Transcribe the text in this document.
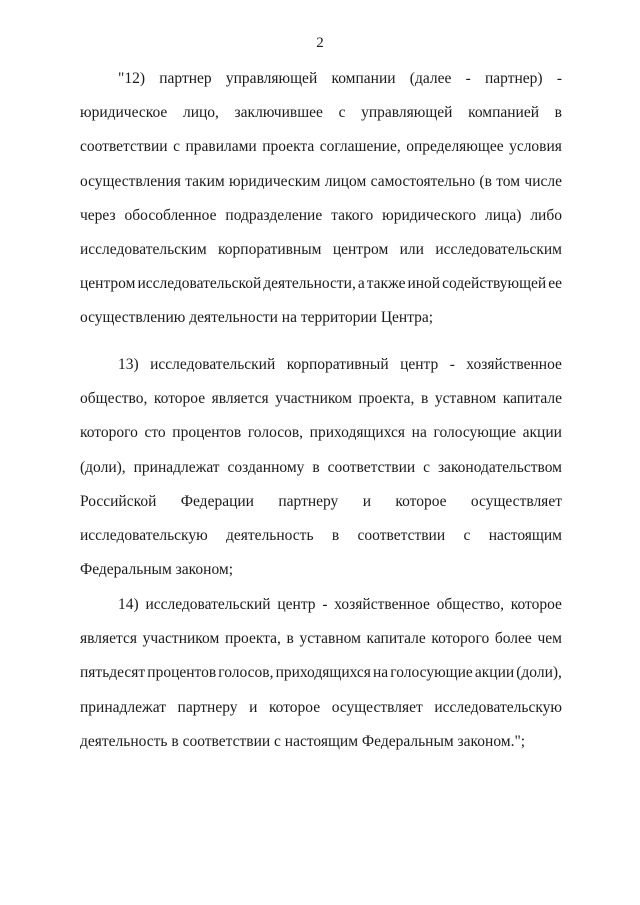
2
"12) партнер управляющей компании (далее - партнер) -
юридическое лицо, заключившее с управляющей компанией в
соответствии с правилами проекта соглашение, определяющее условия
осуществления таким юридическим лицом самостоятельно (в том числе
через обособленное подразделение такого юридического лица) либо
исследовательским корпоративным центром или исследовательским
центром исследовательской деятельности, а также иной содействующей ее
осуществлению деятельности на территории Центра;
13) исследовательский корпоративный центр - хозяйственное
общество, которое является участником проекта, в уставном капитале
которого сто процентов голосов, приходящихся на голосующие акции
(доли), принадлежат созданному в соответствии с законодательством
Российской Федерации партнеру и которое осуществляет
исследовательскую деятельность в соответствии с настоящим
Федеральным законом;
14) исследовательский центр - хозяйственное общество, которое
является участником проекта, в уставном капитале которого более чем
пятьдесят процентов голосов, приходящихся на голосующие акции (доли),
принадлежат партнеру и которое осуществляет исследовательскую
деятельность в соответствии с настоящим Федеральным законом.";
